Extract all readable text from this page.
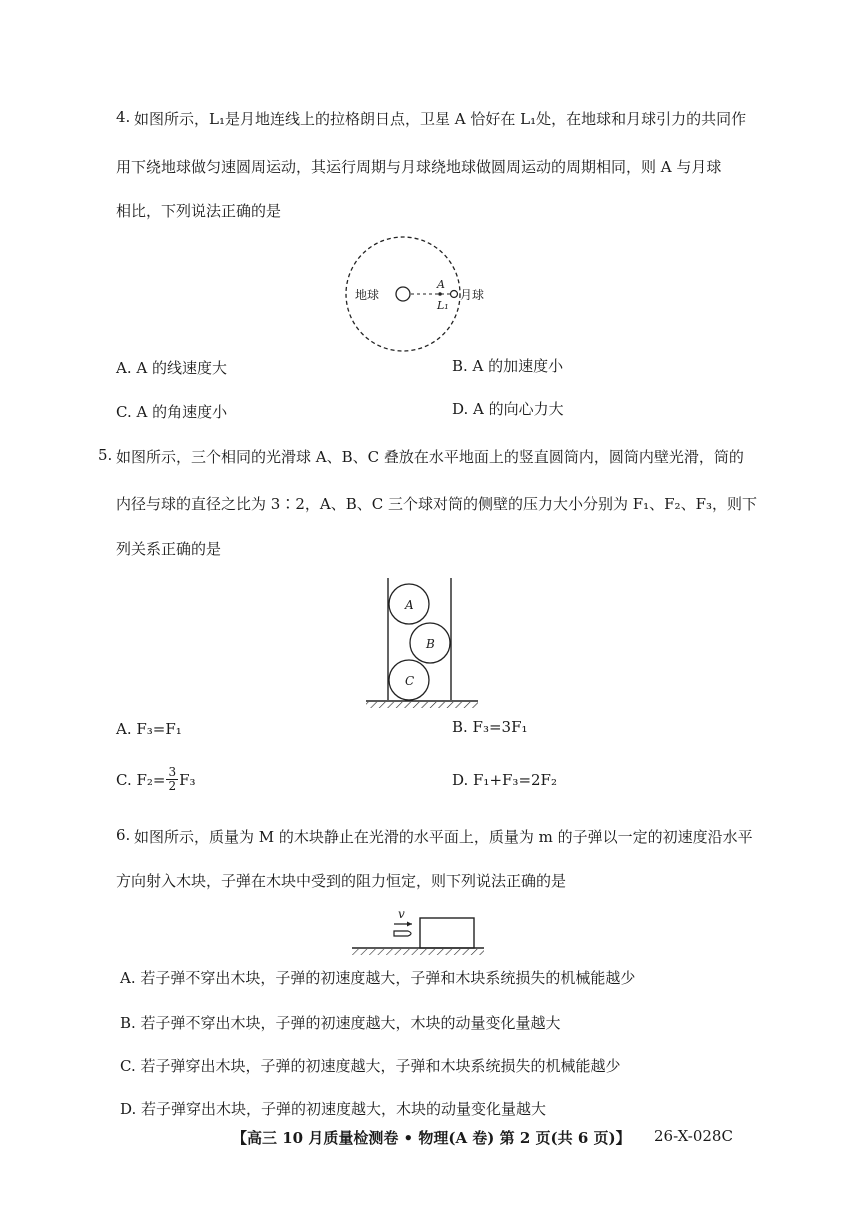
4. 如图所示，L₁是月地连线上的拉格朗日点，卫星 A 恰好在 L₁处，在地球和月球引力的共同作
用下绕地球做匀速圆周运动，其运行周期与月球绕地球做圆周运动的周期相同，则 A 与月球
相比，下列说法正确的是
地球	月球
A
L₁
A. A 的线速度大	B. A 的加速度小
C. A 的角速度小	D. A 的向心力大
5. 如图所示，三个相同的光滑球 A、B、C 叠放在水平地面上的竖直圆筒内，圆筒内壁光滑，筒的
内径与球的直径之比为 3∶2，A、B、C 三个球对筒的侧壁的压力大小分别为 F₁、F₂、F₃，则下
列关系正确的是
A
B
C
A. F₃=F₁	B. F₃=3F₁
C. $F_2= \frac{3}{2} F_3$	D. F₁+F₃=2F₂
6. 如图所示，质量为 M 的木块静止在光滑的水平面上，质量为 m 的子弹以一定的初速度沿水平
方向射入木块，子弹在木块中受到的阻力恒定，则下列说法正确的是
v
A. 若子弹不穿出木块，子弹的初速度越大，子弹和木块系统损失的机械能越少
B. 若子弹不穿出木块，子弹的初速度越大，木块的动量变化量越大
C. 若子弹穿出木块，子弹的初速度越大，子弹和木块系统损失的机械能越少
D. 若子弹穿出木块，子弹的初速度越大，木块的动量变化量越大
【高三 10 月质量检测卷 • 物理(A 卷) 第 2 页(共 6 页)】 26-X-028C
